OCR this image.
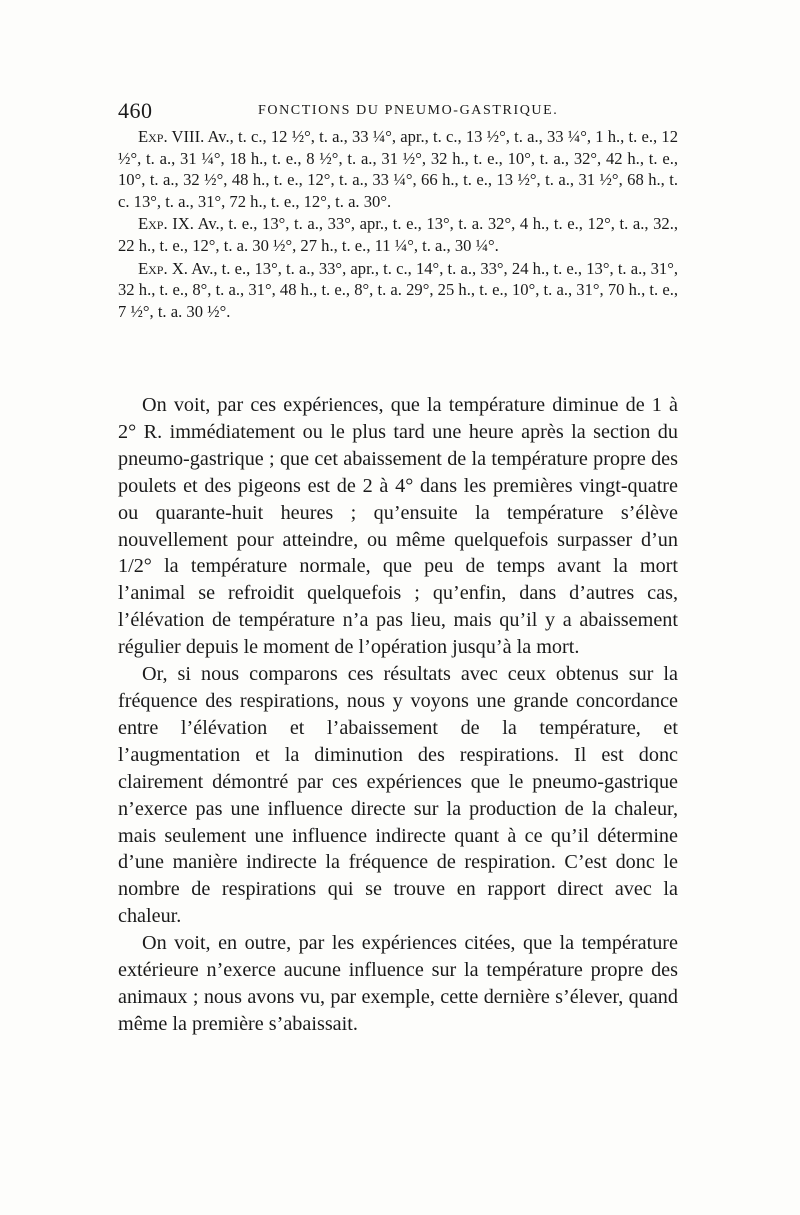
460	FONCTIONS DU PNEUMO-GASTRIQUE.

Exp. VIII. Av., t. c., 12 ½°, t. a., 33 ¼°, apr., t. c., 13 ½°, t. a., 33 ¼°, 1 h., t. e., 12 ½°, t. a., 31 ¼°, 18 h., t. e., 8 ½°, t. a., 31 ½°, 32 h., t. e., 10°, t. a., 32°, 42 h., t. e., 10°, t. a., 32 ½°, 48 h., t. e., 12°, t. a., 33 ¼°, 66 h., t. e., 13 ½°, t. a., 31 ½°, 68 h., t. c. 13°, t. a., 31°, 72 h., t. e., 12°, t. a. 30°.

Exp. IX. Av., t. e., 13°, t. a., 33°, apr., t. e., 13°, t. a. 32°, 4 h., t. e., 12°, t. a., 32., 22 h., t. e., 12°, t. a. 30 ½°, 27 h., t. e., 11 ¼°, t. a., 30 ¼°.

Exp. X. Av., t. e., 13°, t. a., 33°, apr., t. c., 14°, t. a., 33°, 24 h., t. e., 13°, t. a., 31°, 32 h., t. e., 8°, t. a., 31°, 48 h., t. e., 8°, t. a. 29°, 25 h., t. e., 10°, t. a., 31°, 70 h., t. e., 7 ½°, t. a. 30 ½°.

On voit, par ces expériences, que la température diminue de 1 à 2° R. immédiatement ou le plus tard une heure après la section du pneumo-gastrique ; que cet abaissement de la température propre des poulets et des pigeons est de 2 à 4° dans les premières vingt-quatre ou quarante-huit heures ; qu’ensuite la température s’élève nouvellement pour atteindre, ou même quelquefois surpasser d’un 1/2° la température normale, que peu de temps avant la mort l’animal se refroidit quelquefois ; qu’enfin, dans d’autres cas, l’élévation de température n’a pas lieu, mais qu’il y a abaissement régulier depuis le moment de l’opération jusqu’à la mort.

Or, si nous comparons ces résultats avec ceux obtenus sur la fréquence des respirations, nous y voyons une grande concordance entre l’élévation et l’abaissement de la température, et l’augmentation et la diminution des respirations. Il est donc clairement démontré par ces expériences que le pneumo-gastrique n’exerce pas une influence directe sur la production de la chaleur, mais seulement une influence indirecte quant à ce qu’il détermine d’une manière indirecte la fréquence de respiration. C’est donc le nombre de respirations qui se trouve en rapport direct avec la chaleur.

On voit, en outre, par les expériences citées, que la température extérieure n’exerce aucune influence sur la température propre des animaux ; nous avons vu, par exemple, cette dernière s’élever, quand même la première s’abaissait.
